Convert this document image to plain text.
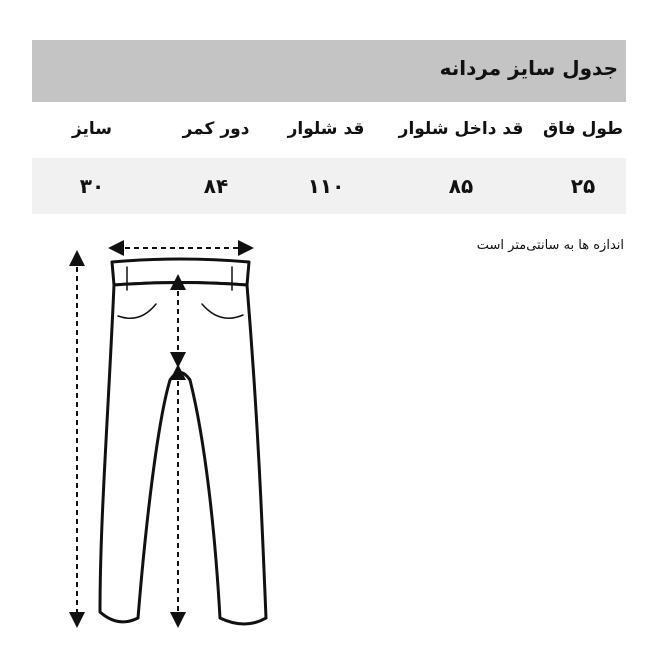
جدول سایز مردانه
طول فاق
قد داخل شلوار
قد شلوار
دور کمر
سایز
۲۵
۸۵
۱۱۰
۸۴
۳۰
اندازه ها به سانتی‌متر است
